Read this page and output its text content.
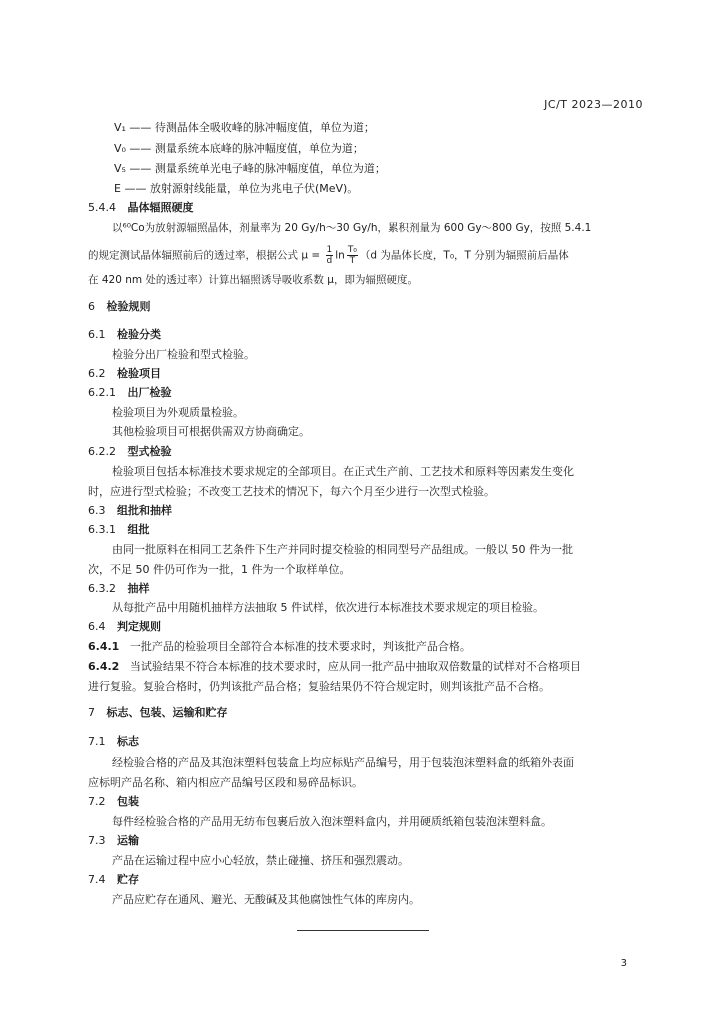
JC/T 2023—2010
V₁ —— 待测晶体全吸收峰的脉冲幅度值，单位为道；
V₀ —— 测量系统本底峰的脉冲幅度值，单位为道；
V₅ —— 测量系统单光电子峰的脉冲幅度值，单位为道；
E —— 放射源射线能量，单位为兆电子伏(MeV)。
5.4.4 晶体辐照硬度
以⁶⁰Co为放射源辐照晶体，剂量率为 20 Gy/h～30 Gy/h，累积剂量为 600 Gy～800 Gy，按照 5.4.1
的规定测试晶体辐照前后的透过率，根据公式 $\mu = \frac{1}{d}$ $\ln \frac{\text{T₀}}{T} (d$ 为晶体长度，T₀，T 分别为辐照前后晶体
在 420 nm 处的透过率）计算出辐照诱导吸收系数 μ，即为辐照硬度。
6 检验规则
6.1 检验分类
检验分出厂检验和型式检验。
6.2 检验项目
6.2.1 出厂检验
检验项目为外观质量检验。
其他检验项目可根据供需双方协商确定。
6.2.2 型式检验
检验项目包括本标准技术要求规定的全部项目。在正式生产前、工艺技术和原料等因素发生变化
时，应进行型式检验；不改变工艺技术的情况下，每六个月至少进行一次型式检验。
6.3 组批和抽样
6.3.1 组批
由同一批原料在相同工艺条件下生产并同时提交检验的相同型号产品组成。一般以 50 件为一批
次，不足 50 件仍可作为一批，1 件为一个取样单位。
6.3.2 抽样
从每批产品中用随机抽样方法抽取 5 件试样，依次进行本标准技术要求规定的项目检验。
6.4 判定规则
6.4.1 一批产品的检验项目全部符合本标准的技术要求时，判该批产品合格。
6.4.2 当试验结果不符合本标准的技术要求时，应从同一批产品中抽取双倍数量的试样对不合格项目
进行复验。复验合格时，仍判该批产品合格；复验结果仍不符合规定时，则判该批产品不合格。
7 标志、包装、运输和贮存
7.1 标志
经检验合格的产品及其泡沫塑料包装盒上均应标贴产品编号，用于包装泡沫塑料盒的纸箱外表面
应标明产品名称、箱内相应产品编号区段和易碎品标识。
7.2 包装
每件经检验合格的产品用无纺布包裹后放入泡沫塑料盒内，并用硬质纸箱包装泡沫塑料盒。
7.3 运输
产品在运输过程中应小心轻放，禁止碰撞、挤压和强烈震动。
7.4 贮存
产品应贮存在通风、避光、无酸碱及其他腐蚀性气体的库房内。
3
